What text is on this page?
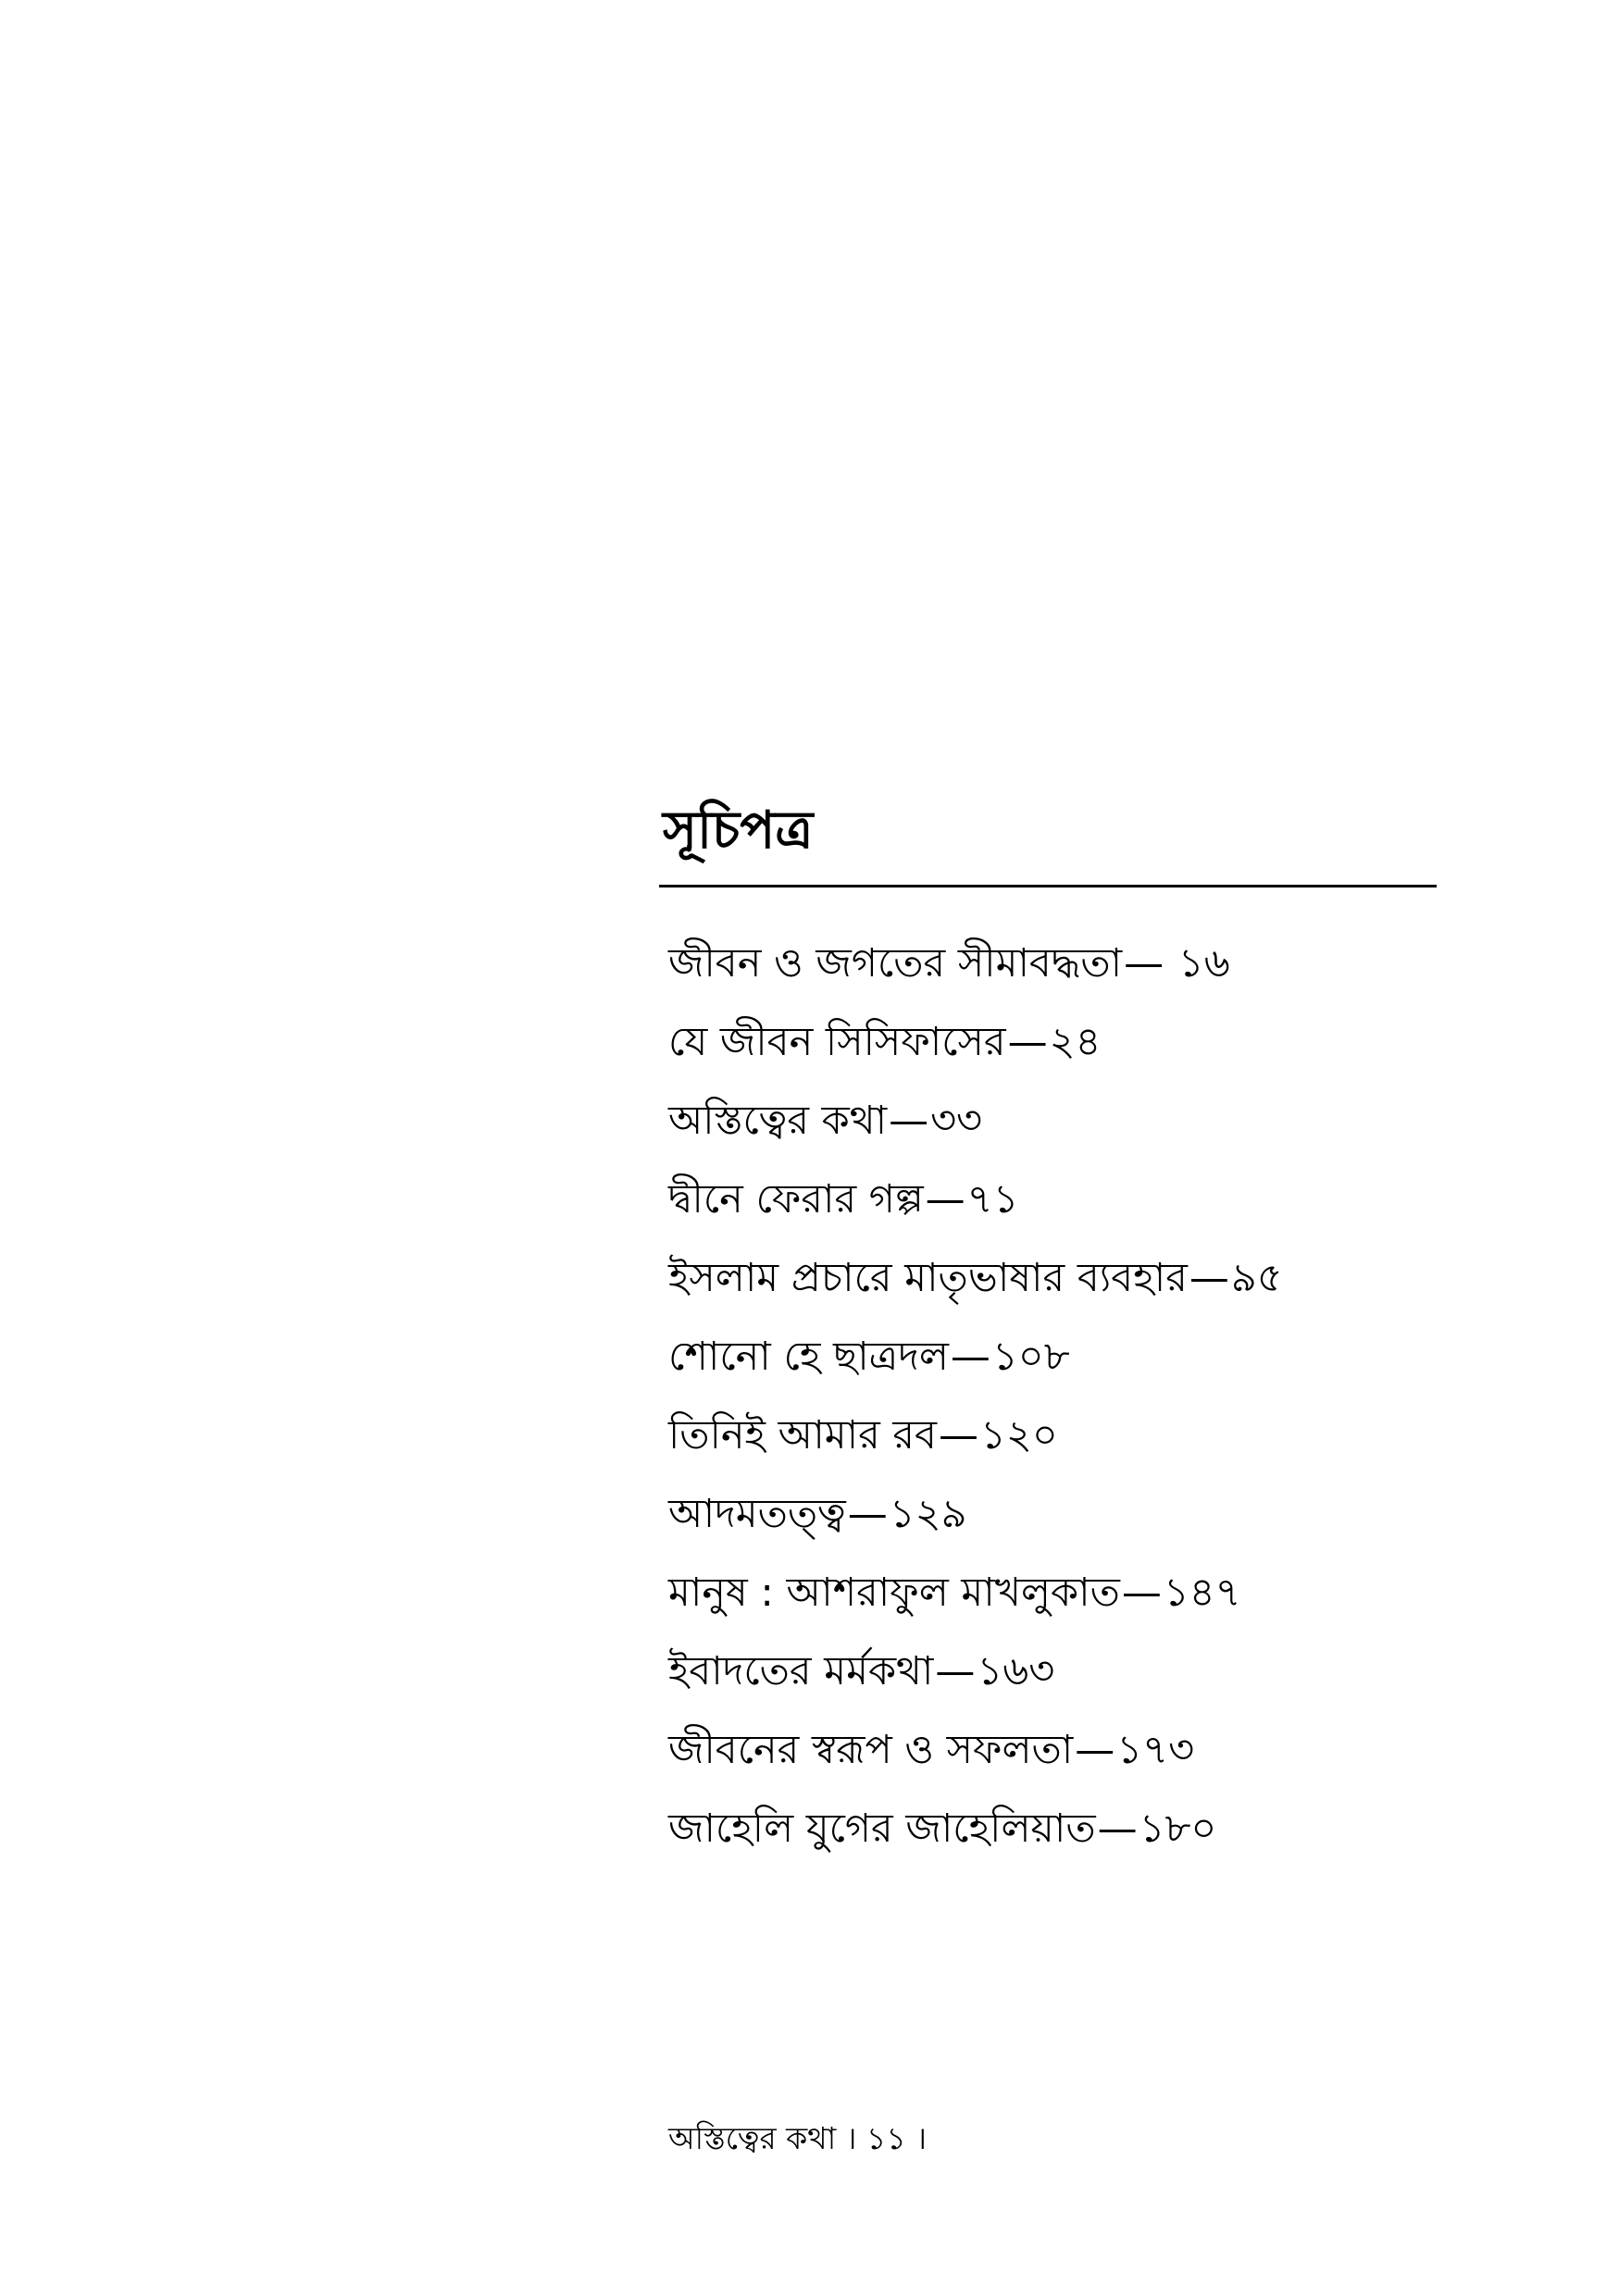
সূচিপত্র
জীবন ও জগতের সীমাবদ্ধতা— ১৬
যে জীবন সিসিফাসের—২৪
অস্তিত্বের কথা—৩৩
দ্বীনে ফেরার গল্প—৭১
ইসলাম প্রচারে মাতৃভাষার ব্যবহার—৯৫
শোনো হে ছাত্রদল—১০৮
তিনিই আমার রব—১২০
আদমতত্ত্ব—১২৯
মানুষ : আশরাফুল মাখলুকাত—১৪৭
ইবাদতের মর্মকথা—১৬৩
জীবনের স্বরূপ ও সফলতা—১৭৩
জাহেলি যুগের জাহেলিয়াত—১৮০
অস্তিত্বের কথা । ১১ ।
